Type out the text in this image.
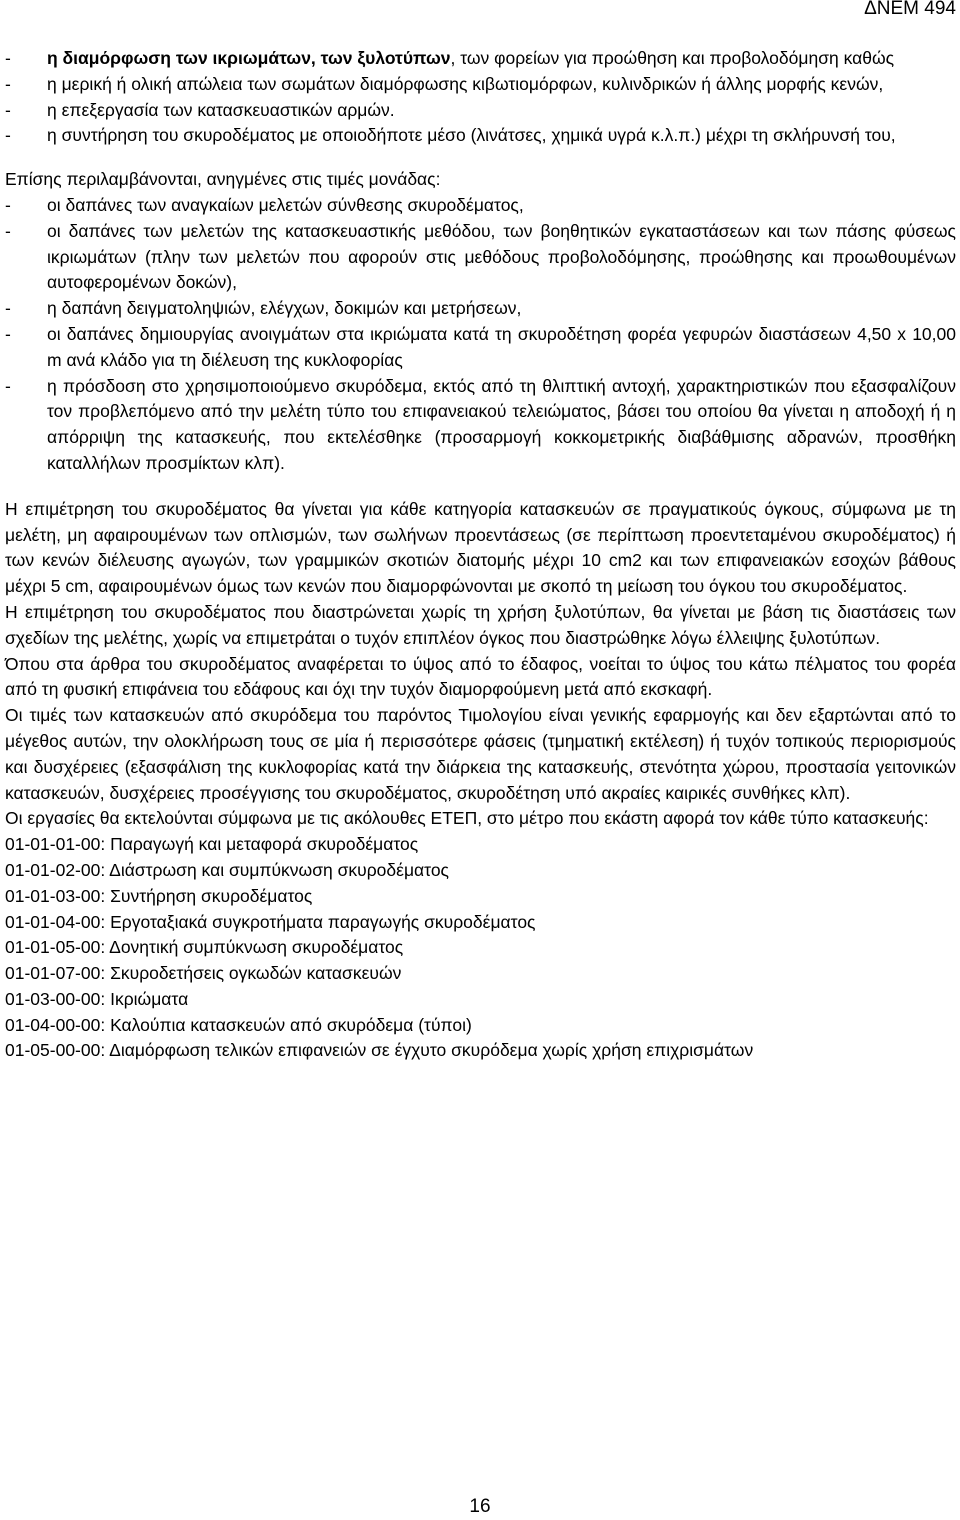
ΔΝΕΜ 494
-	η διαμόρφωση των ικριωμάτων, των ξυλοτύπων, των φορείων για προώθηση και προβολοδόμηση καθώς
-	η μερική ή ολική απώλεια των σωμάτων διαμόρφωσης κιβωτιομόρφων, κυλινδρικών ή άλλης μορφής κενών,
-	η επεξεργασία των κατασκευαστικών αρμών.
-	η συντήρηση του σκυροδέματος με οποιοδήποτε μέσο (λινάτσες, χημικά υγρά κ.λ.π.) μέχρι τη σκλήρυνσή του,

Επίσης περιλαμβάνονται, ανηγμένες στις τιμές μονάδας:

-	οι δαπάνες των αναγκαίων μελετών σύνθεσης σκυροδέματος,
-	οι δαπάνες των μελετών της κατασκευαστικής μεθόδου, των βοηθητικών εγκαταστάσεων και των πάσης φύσεως ικριωμάτων (πλην των μελετών που αφορούν στις μεθόδους προβολοδόμησης, προώθησης και προωθουμένων αυτοφερομένων δοκών),
-	η δαπάνη δειγματοληψιών, ελέγχων, δοκιμών και μετρήσεων,
-	οι δαπάνες δημιουργίας ανοιγμάτων στα ικριώματα κατά τη σκυροδέτηση φορέα γεφυρών διαστάσεων 4,50 x 10,00 m ανά κλάδο για τη διέλευση της κυκλοφορίας
-	η πρόσδοση στο χρησιμοποιούμενο σκυρόδεμα, εκτός από τη θλιπτική αντοχή, χαρακτηριστικών που εξασφαλίζουν τον προβλεπόμενο από την μελέτη τύπο του επιφανειακού τελειώματος, βάσει του οποίου θα γίνεται η αποδοχή ή η απόρριψη της κατασκευής, που εκτελέσθηκε (προσαρμογή κοκκομετρικής διαβάθμισης αδρανών, προσθήκη καταλλήλων προσμίκτων κλπ).

Η επιμέτρηση του σκυροδέματος θα γίνεται για κάθε κατηγορία κατασκευών σε πραγματικούς όγκους, σύμφωνα με τη μελέτη, μη αφαιρουμένων των οπλισμών, των σωλήνων προεντάσεως (σε περίπτωση προεντεταμένου σκυροδέματος) ή των κενών διέλευσης αγωγών, των γραμμικών σκοτιών διατομής μέχρι 10 cm2 και των επιφανειακών εσοχών βάθους μέχρι 5 cm, αφαιρουμένων όμως των κενών που διαμορφώνονται με σκοπό τη μείωση του όγκου του σκυροδέματος.

Η επιμέτρηση του σκυροδέματος που διαστρώνεται χωρίς τη χρήση ξυλοτύπων, θα γίνεται με βάση τις διαστάσεις των σχεδίων της μελέτης, χωρίς να επιμετράται ο τυχόν επιπλέον όγκος που διαστρώθηκε λόγω έλλειψης ξυλοτύπων.

Όπου στα άρθρα του σκυροδέματος αναφέρεται το ύψος από το έδαφος, νοείται το ύψος του κάτω πέλματος του φορέα από τη φυσική επιφάνεια του εδάφους και όχι την τυχόν διαμορφούμενη μετά από εκσκαφή.

Οι τιμές των κατασκευών από σκυρόδεμα του παρόντος Τιμολογίου είναι γενικής εφαρμογής και δεν εξαρτώνται από το μέγεθος αυτών, την ολοκλήρωση τους σε μία ή περισσότερε φάσεις (τμηματική εκτέλεση) ή τυχόν τοπικούς περιορισμούς και δυσχέρειες (εξασφάλιση της κυκλοφορίας κατά την διάρκεια της κατασκευής, στενότητα χώρου, προστασία γειτονικών κατασκευών, δυσχέρειες προσέγγισης του σκυροδέματος, σκυροδέτηση υπό ακραίες καιρικές συνθήκες κλπ).

Οι εργασίες θα εκτελούνται σύμφωνα με τις ακόλουθες ΕΤΕΠ, στο μέτρο που εκάστη αφορά τον κάθε τύπο κατασκευής:

01-01-01-00: Παραγωγή και μεταφορά σκυροδέματος
01-01-02-00: Διάστρωση και συμπύκνωση σκυροδέματος
01-01-03-00: Συντήρηση σκυροδέματος
01-01-04-00: Εργοταξιακά συγκροτήματα παραγωγής σκυροδέματος
01-01-05-00: Δονητική συμπύκνωση σκυροδέματος
01-01-07-00: Σκυροδετήσεις ογκωδών κατασκευών
01-03-00-00: Ικριώματα
01-04-00-00: Καλούπια κατασκευών από σκυρόδεμα (τύποι)
01-05-00-00: Διαμόρφωση τελικών επιφανειών σε έγχυτο σκυρόδεμα χωρίς χρήση επιχρισμάτων
16
